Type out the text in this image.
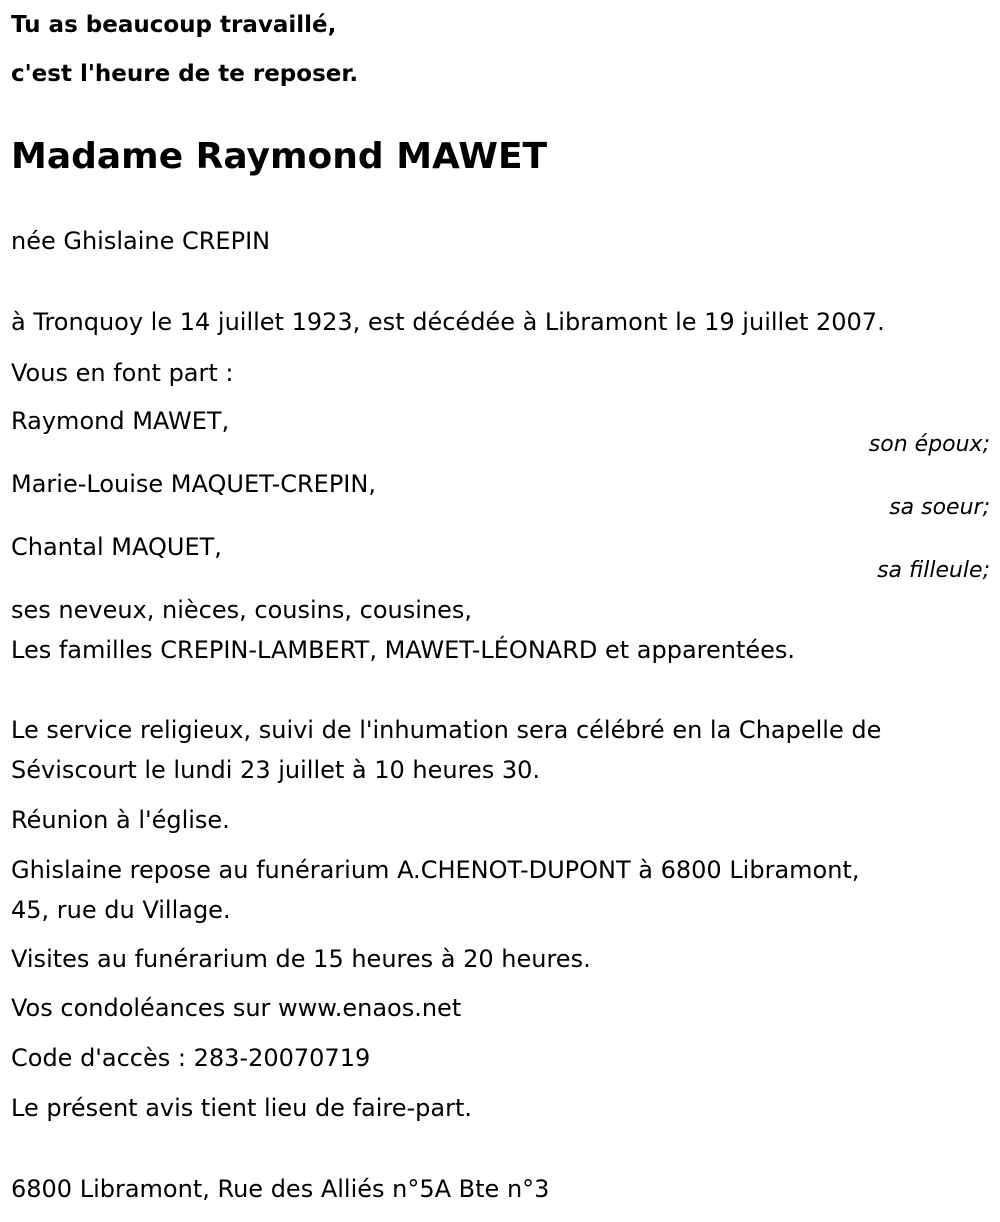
Tu as beaucoup travaillé,
c'est l'heure de te reposer.
Madame Raymond MAWET
née Ghislaine CREPIN
à Tronquoy le 14 juillet 1923, est décédée à Libramont le 19 juillet 2007.
Vous en font part :
Raymond MAWET,
son époux;
Marie-Louise MAQUET-CREPIN,
sa soeur;
Chantal MAQUET,
sa filleule;
ses neveux, nièces, cousins, cousines,
Les familles CREPIN-LAMBERT, MAWET-LÉONARD et apparentées.
Le service religieux, suivi de l'inhumation sera célébré en la Chapelle de
Séviscourt le lundi 23 juillet à 10 heures 30.
Réunion à l'église.
Ghislaine repose au funérarium A.CHENOT-DUPONT à 6800 Libramont,
45, rue du Village.
Visites au funérarium de 15 heures à 20 heures.
Vos condoléances sur www.enaos.net
Code d'accès : 283-20070719
Le présent avis tient lieu de faire-part.
6800 Libramont, Rue des Alliés n°5A Bte n°3
